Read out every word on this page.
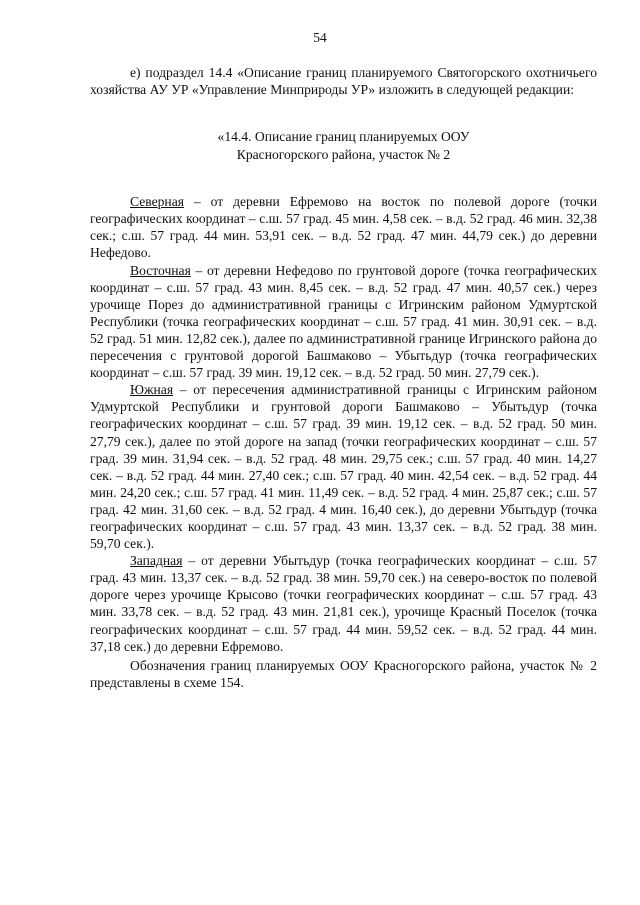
54

е) подраздел 14.4 «Описание границ планируемого Святогорского охотничьего хозяйства АУ УР «Управление Минприроды УР» изложить в следующей редакции:

«14.4. Описание границ планируемых ООУ
Красногорского района, участок № 2

Северная – от деревни Ефремово на восток по полевой дороге (точки географических координат – с.ш. 57 град. 45 мин. 4,58 сек. – в.д. 52 град. 46 мин. 32,38 сек.; с.ш. 57 град. 44 мин. 53,91 сек. – в.д. 52 град. 47 мин. 44,79 сек.) до деревни Нефедово.

Восточная – от деревни Нефедово по грунтовой дороге (точка географических координат – с.ш. 57 град. 43 мин. 8,45 сек. – в.д. 52 град. 47 мин. 40,57 сек.) через урочище Порез до административной границы с Игринским районом Удмуртской Республики (точка географических координат – с.ш. 57 град. 41 мин. 30,91 сек. – в.д. 52 град. 51 мин. 12,82 сек.), далее по административной границе Игринского района до пересечения с грунтовой дорогой Башмаково – Убытьдур (точка географических координат – с.ш. 57 град. 39 мин. 19,12 сек. – в.д. 52 град. 50 мин. 27,79 сек.).

Южная – от пересечения административной границы с Игринским районом Удмуртской Республики и грунтовой дороги Башмаково – Убытьдур (точка географических координат – с.ш. 57 град. 39 мин. 19,12 сек. – в.д. 52 град. 50 мин. 27,79 сек.), далее по этой дороге на запад (точки географических координат – с.ш. 57 град. 39 мин. 31,94 сек. – в.д. 52 град. 48 мин. 29,75 сек.; с.ш. 57 град. 40 мин. 14,27 сек. – в.д. 52 град. 44 мин. 27,40 сек.; с.ш. 57 град. 40 мин. 42,54 сек. – в.д. 52 град. 44 мин. 24,20 сек.; с.ш. 57 град. 41 мин. 11,49 сек. – в.д. 52 град. 4 мин. 25,87 сек.; с.ш. 57 град. 42 мин. 31,60 сек. – в.д. 52 град. 4 мин. 16,40 сек.), до деревни Убытьдур (точка географических координат – с.ш. 57 град. 43 мин. 13,37 сек. – в.д. 52 град. 38 мин. 59,70 сек.).

Западная – от деревни Убытьдур (точка географических координат – с.ш. 57 град. 43 мин. 13,37 сек. – в.д. 52 град. 38 мин. 59,70 сек.) на северо-восток по полевой дороге через урочище Крысово (точки географических координат – с.ш. 57 град. 43 мин. 33,78 сек. – в.д. 52 град. 43 мин. 21,81 сек.), урочище Красный Поселок (точка географических координат – с.ш. 57 град. 44 мин. 59,52 сек. – в.д. 52 град. 44 мин. 37,18 сек.) до деревни Ефремово.

Обозначения границ планируемых ООУ Красногорского района, участок № 2 представлены в схеме 154.
